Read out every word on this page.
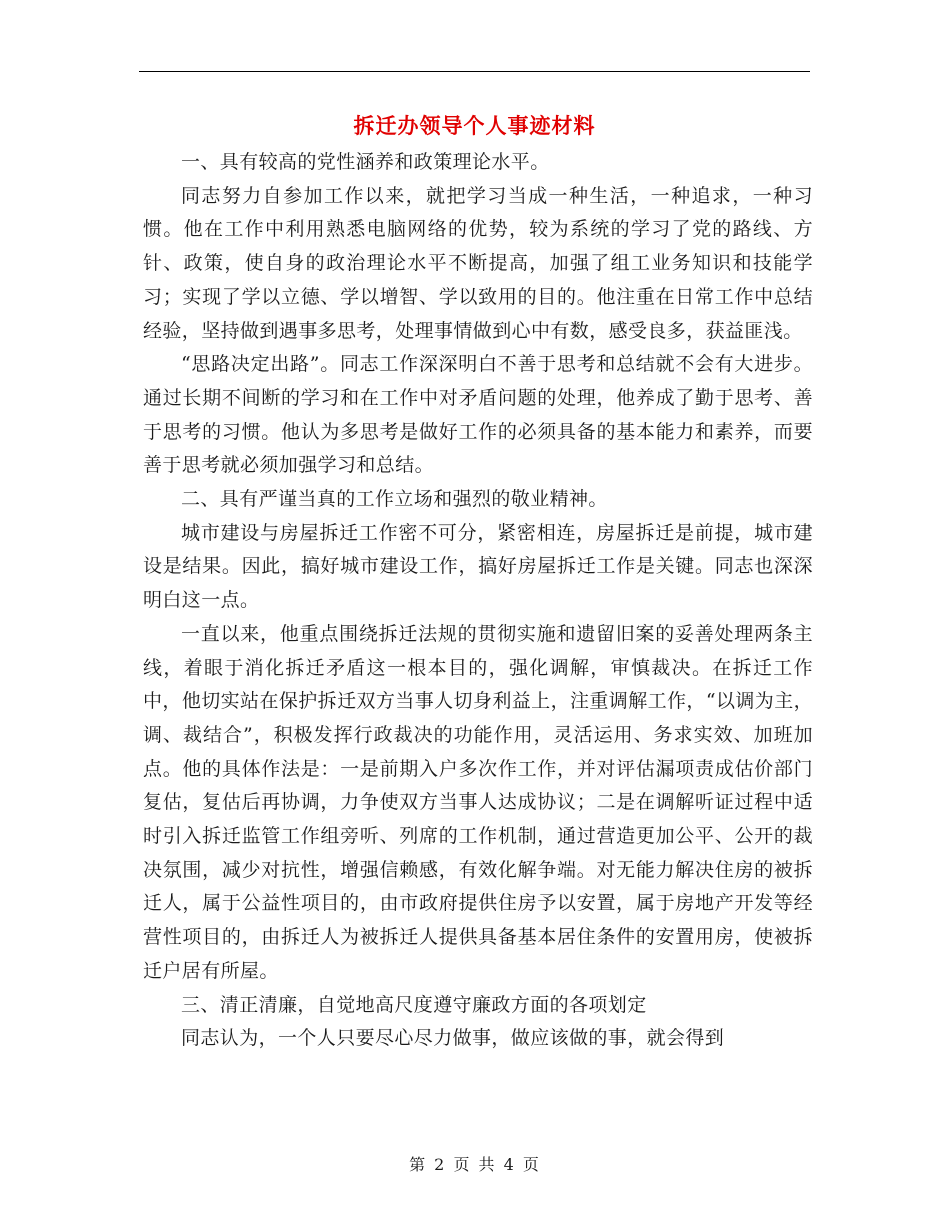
拆迁办领导个人事迹材料

一、具有较高的党性涵养和政策理论水平。

同志努力自参加工作以来，就把学习当成一种生活，一种追求，一种习惯。他在工作中利用熟悉电脑网络的优势，较为系统的学习了党的路线、方针、政策，使自身的政治理论水平不断提高，加强了组工业务知识和技能学习；实现了学以立德、学以增智、学以致用的目的。他注重在日常工作中总结经验，坚持做到遇事多思考，处理事情做到心中有数，感受良多，获益匪浅。

“思路决定出路”。同志工作深深明白不善于思考和总结就不会有大进步。通过长期不间断的学习和在工作中对矛盾问题的处理，他养成了勤于思考、善于思考的习惯。他认为多思考是做好工作的必须具备的基本能力和素养，而要善于思考就必须加强学习和总结。

二、具有严谨当真的工作立场和强烈的敬业精神。

城市建设与房屋拆迁工作密不可分，紧密相连，房屋拆迁是前提，城市建设是结果。因此，搞好城市建设工作，搞好房屋拆迁工作是关键。同志也深深明白这一点。

一直以来，他重点围绕拆迁法规的贯彻实施和遗留旧案的妥善处理两条主线，着眼于消化拆迁矛盾这一根本目的，强化调解，审慎裁决。在拆迁工作中，他切实站在保护拆迁双方当事人切身利益上，注重调解工作，“以调为主，调、裁结合”，积极发挥行政裁决的功能作用，灵活运用、务求实效、加班加点。他的具体作法是：一是前期入户多次作工作，并对评估漏项责成估价部门复估，复估后再协调，力争使双方当事人达成协议；二是在调解听证过程中适时引入拆迁监管工作组旁听、列席的工作机制，通过营造更加公平、公开的裁决氛围，减少对抗性，增强信赖感，有效化解争端。对无能力解决住房的被拆迁人，属于公益性项目的，由市政府提供住房予以安置，属于房地产开发等经营性项目的，由拆迁人为被拆迁人提供具备基本居住条件的安置用房，使被拆迁户居有所屋。

三、清正清廉，自觉地高尺度遵守廉政方面的各项划定

同志认为，一个人只要尽心尽力做事，做应该做的事，就会得到

第 2 页 共 4 页
